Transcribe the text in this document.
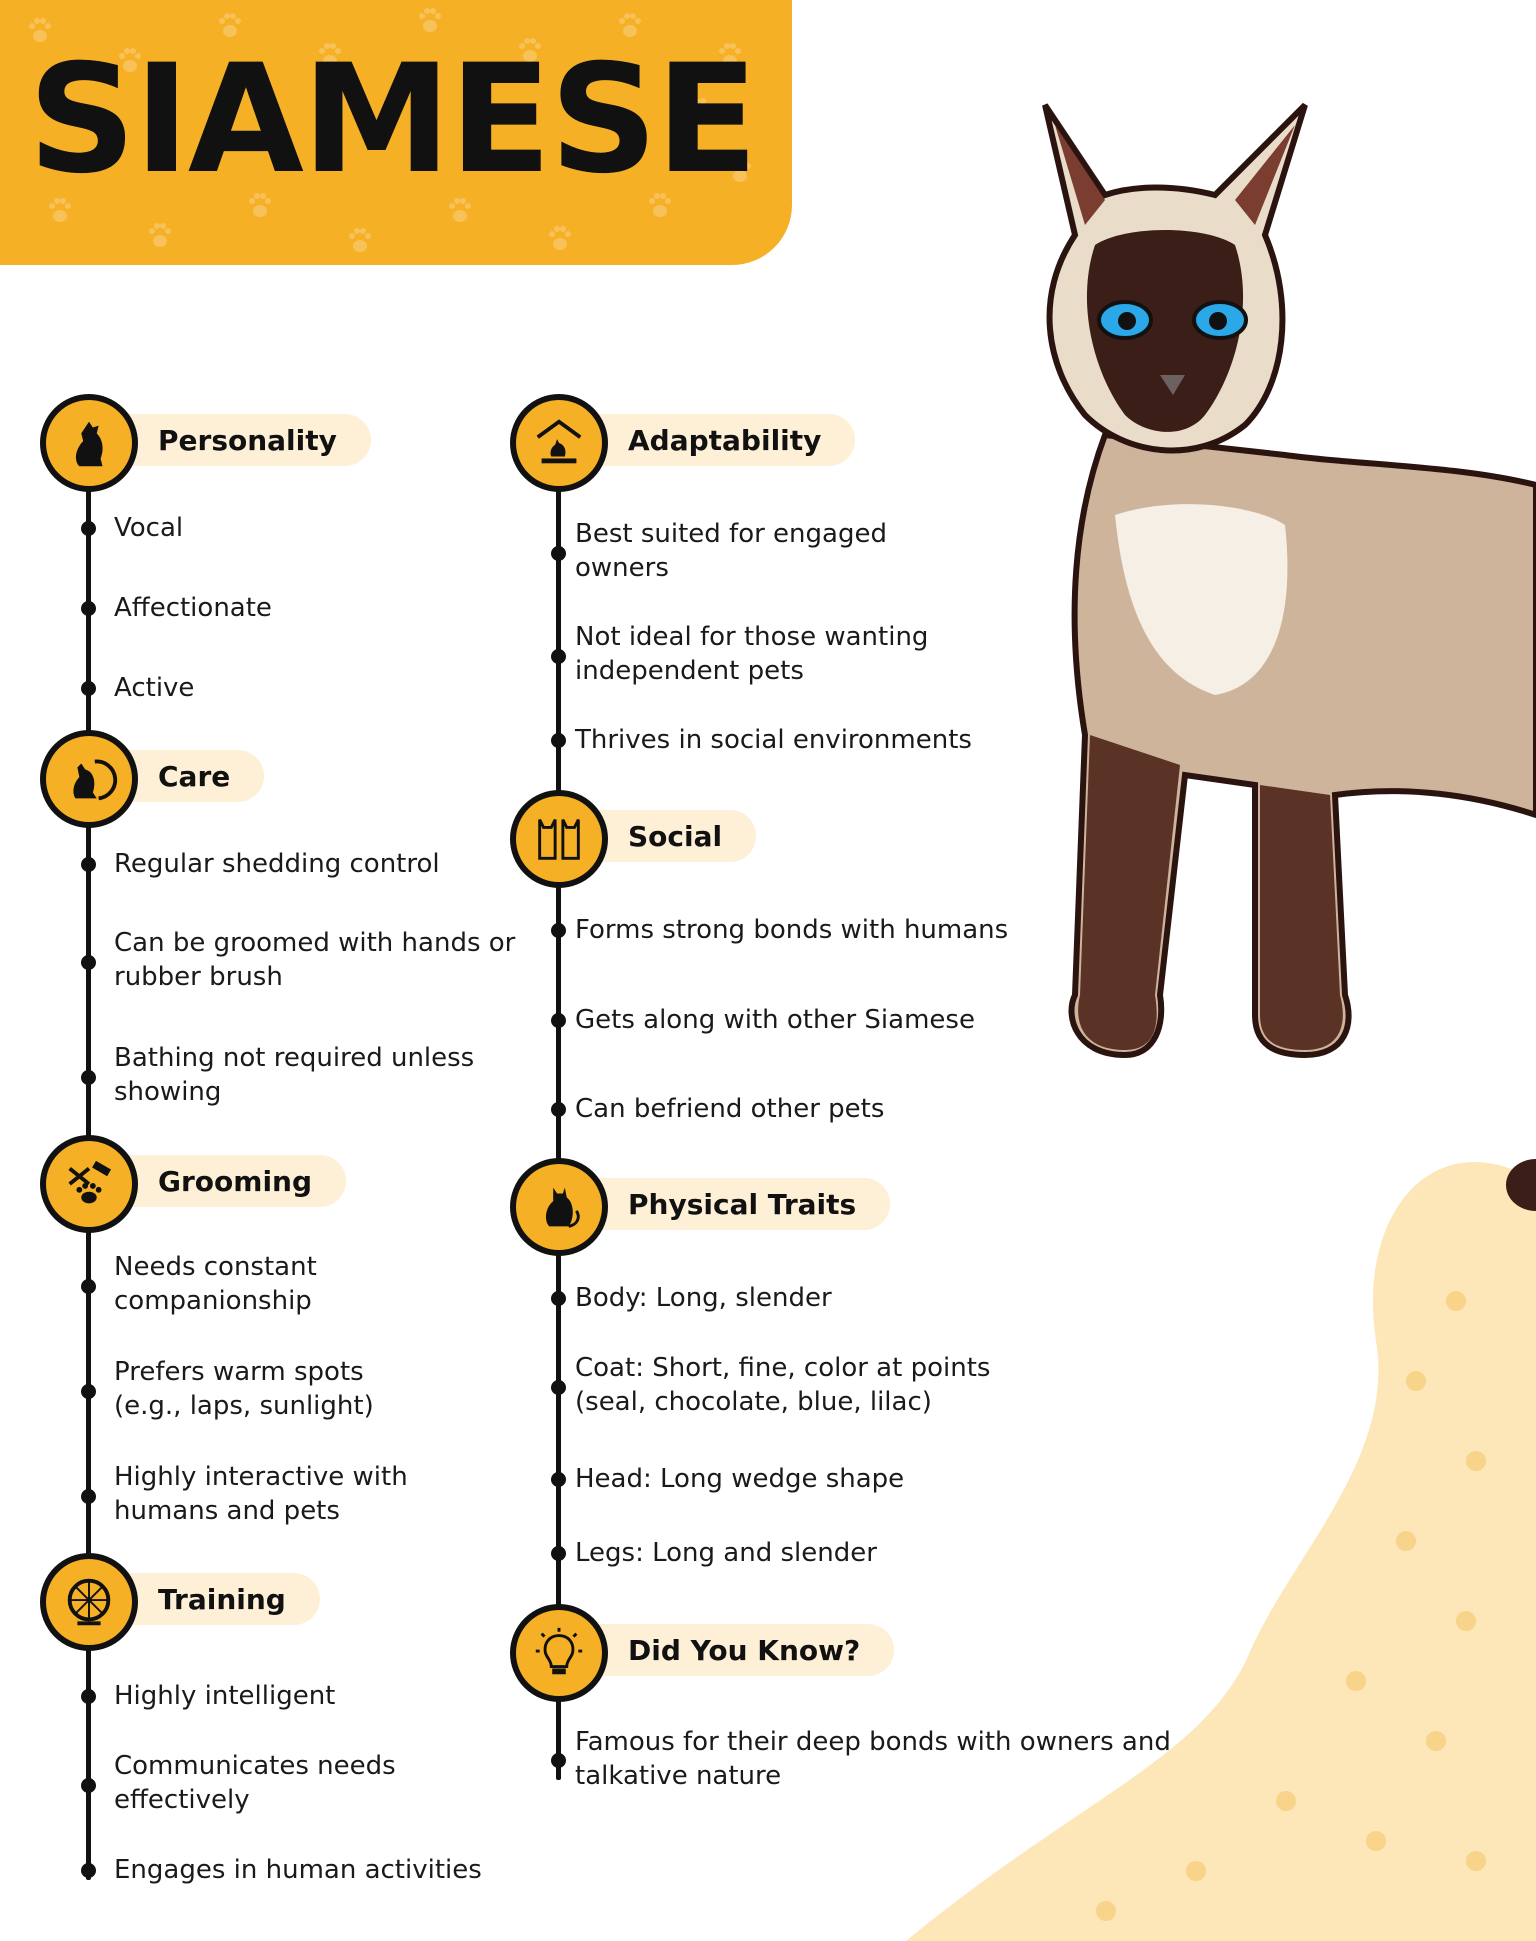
SIAMESE
Personality
Vocal
Affectionate
Active
Care
Regular shedding control
Can be groomed with hands or rubber brush
Bathing not required unless showing
Grooming
Needs constant companionship
Prefers warm spots (e.g., laps, sunlight)
Highly interactive with humans and pets
Training
Highly intelligent
Communicates needs effectively
Engages in human activities
Adaptability
Best suited for engaged owners
Not ideal for those wanting independent pets
Thrives in social environments
Social
Forms strong bonds with humans
Gets along with other Siamese
Can befriend other pets
Physical Traits
Body: Long, slender
Coat: Short, fine, color at points (seal, chocolate, blue, lilac)
Head: Long wedge shape
Legs: Long and slender
Did You Know?
Famous for their deep bonds with owners and talkative nature
